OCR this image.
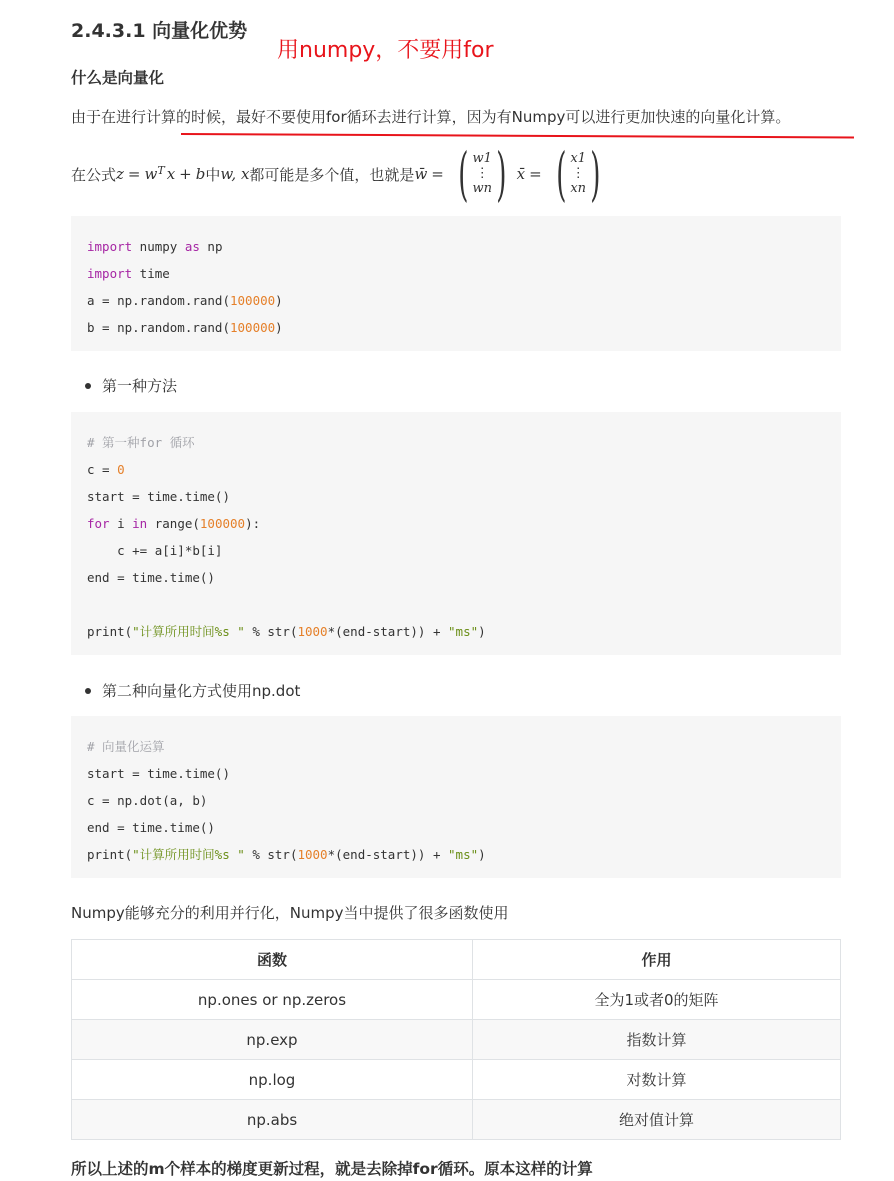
2.4.3.1 向量化优势
用numpy，不要用for
什么是向量化
由于在进行计算的时候，最好不要使用for循环去进行计算，因为有Numpy可以进行更加快速的向量化计算。
在公式 $z = w^T$ x + b 中 w, x 都可能是多个值，也就是 w̄ = ( w1
⋮
wn ) x̄ = ( x1
⋮
xn )
import numpy as np
import time
a = np.random.rand(100000)
b = np.random.rand(100000)
第一种方法
# 第一种for 循环
c = 0
start = time.time()
for i in range(100000):
c += a[i]*b[i]
end = time.time()
print("计算所用时间%s " % str(1000*(end-start)) + "ms")
第二种向量化方式使用np.dot
# 向量化运算
start = time.time()
c = np.dot(a, b)
end = time.time()
print("计算所用时间%s " % str(1000*(end-start)) + "ms")
Numpy能够充分的利用并行化，Numpy当中提供了很多函数使用
函数	作用
np.ones or np.zeros	全为1或者0的矩阵
np.exp	指数计算
np.log	对数计算
np.abs	绝对值计算
所以上述的m个样本的梯度更新过程，就是去除掉for循环。原本这样的计算
